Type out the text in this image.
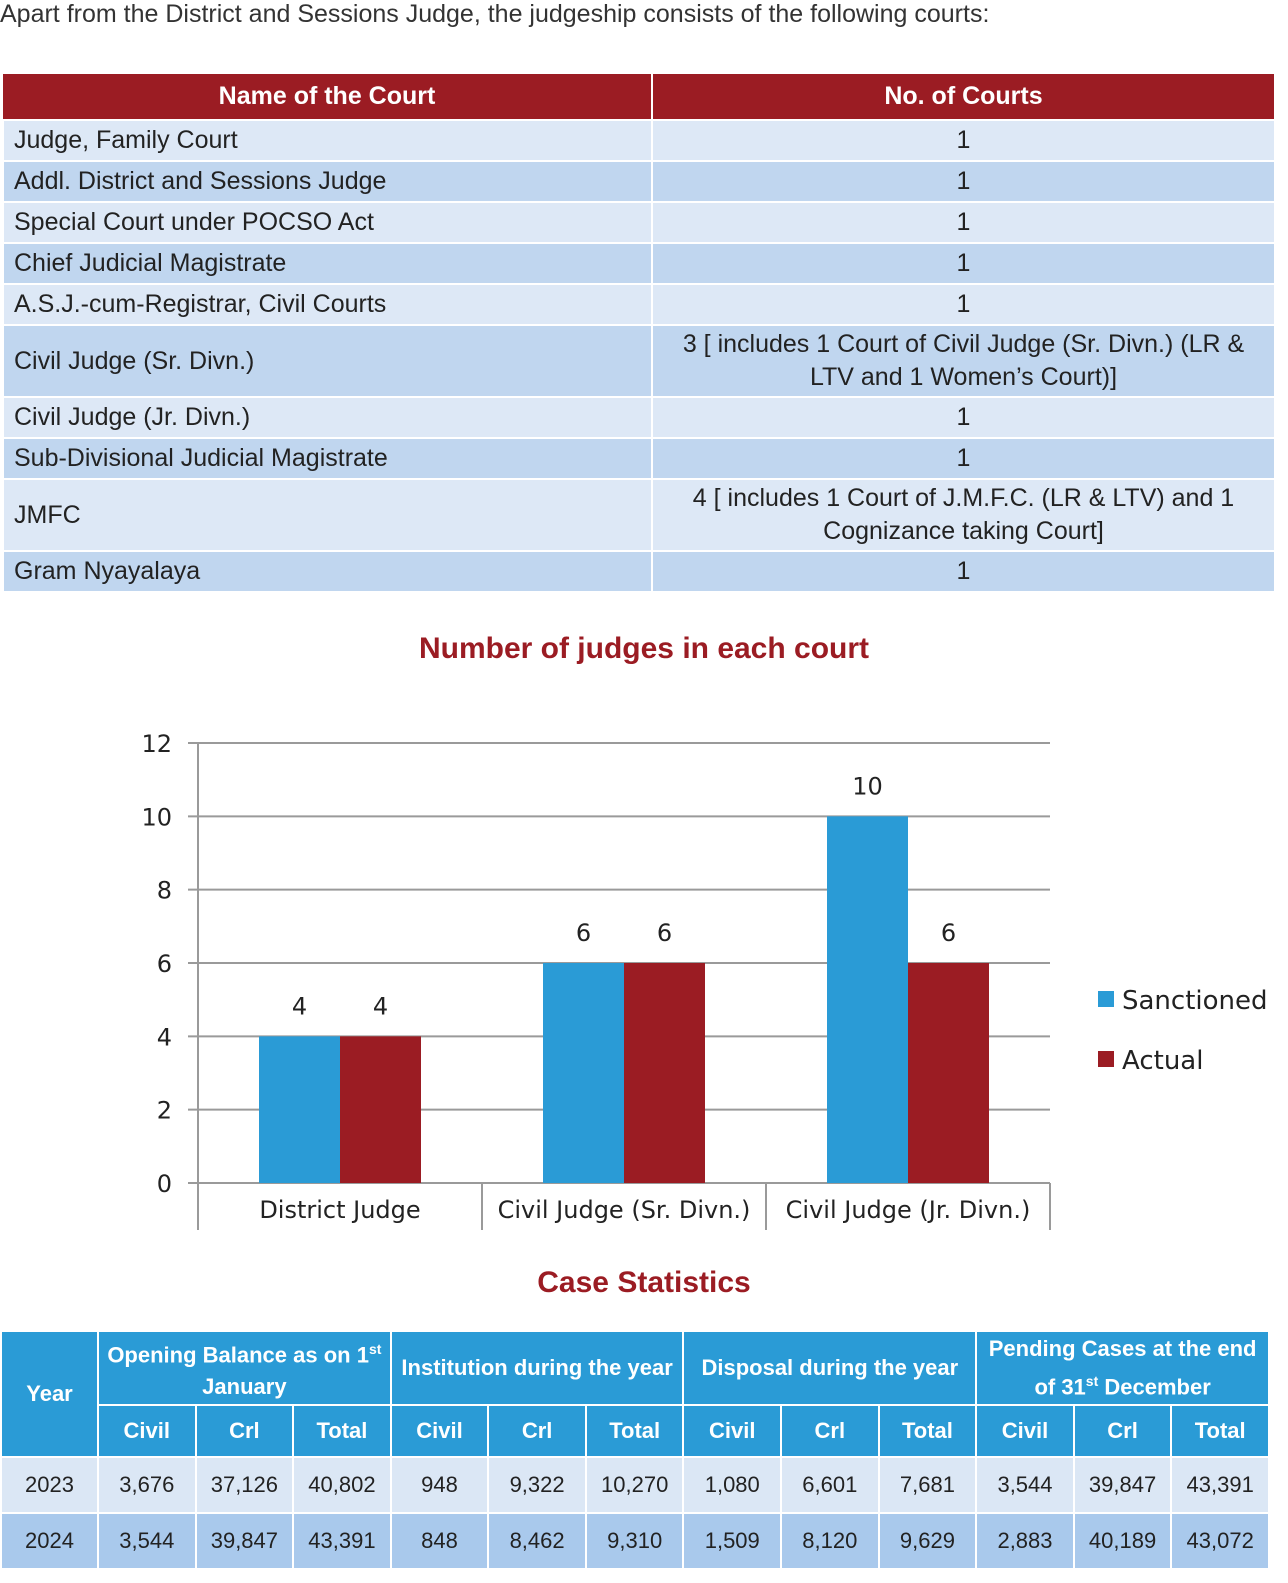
Apart from the District and Sessions Judge, the judgeship consists of the following courts:
Name of the Court	No. of Courts
Judge, Family Court	1
Addl. District and Sessions Judge	1
Special Court under POCSO Act	1
Chief Judicial Magistrate	1
A.S.J.-cum-Registrar, Civil Courts	1
Civil Judge (Sr. Divn.)	3 [ includes 1 Court of Civil Judge (Sr. Divn.) (LR & LTV and 1 Women’s Court)]
Civil Judge (Jr. Divn.)	1
Sub-Divisional Judicial Magistrate	1
JMFC	4 [ includes 1 Court of J.M.F.C. (LR & LTV) and 1 Cognizance taking Court]
Gram Nyayalaya	1
Number of judges in each court
0
2
4
6
8
10
12
4	4
District Judge
6	6
Civil Judge (Sr. Divn.)
10
6
Civil Judge (Jr. Divn.)
Sanctioned
Actual
Case Statistics
Year	Opening Balance as on 1st January			Institution during the year			Disposal during the year			Pending Cases at the end of 31st December		
	Civil	Crl	Total	Civil	Crl	Total	Civil	Crl	Total	Civil	Crl	Total
2023	3,676	37,126	40,802	948	9,322	10,270	1,080	6,601	7,681	3,544	39,847	43,391
2024	3,544	39,847	43,391	848	8,462	9,310	1,509	8,120	9,629	2,883	40,189	43,072
